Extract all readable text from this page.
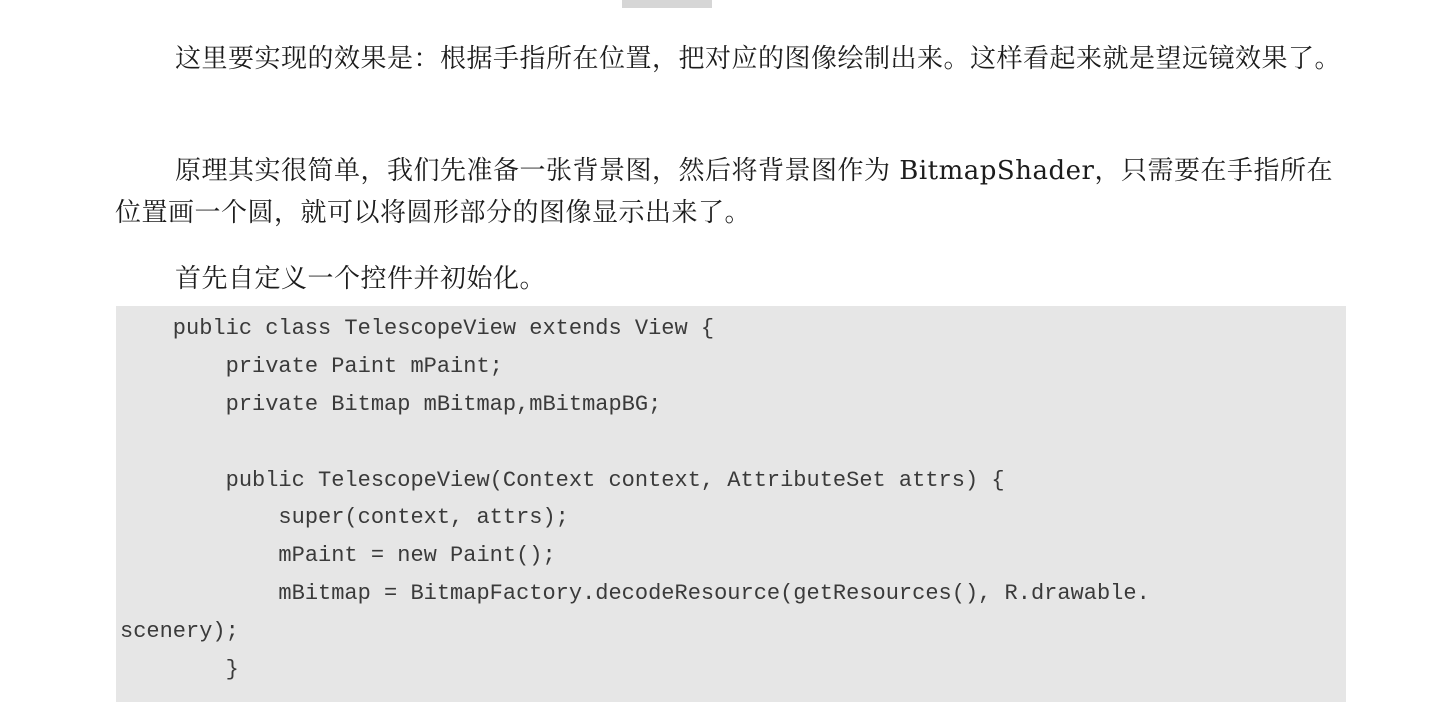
这里要实现的效果是：根据手指所在位置，把对应的图像绘制出来。这样看起来就是望远镜效果了。

原理其实很简单，我们先准备一张背景图，然后将背景图作为 BitmapShader，只需要在手指所在位置画一个圆，就可以将圆形部分的图像显示出来了。

首先自定义一个控件并初始化。

public class TelescopeView extends View {
private Paint mPaint;
private Bitmap mBitmap,mBitmapBG;
public TelescopeView(Context context, AttributeSet attrs) {
super(context, attrs);
mPaint = new Paint();
mBitmap = BitmapFactory.decodeResource(getResources(), R.drawable.
scenery);
}
